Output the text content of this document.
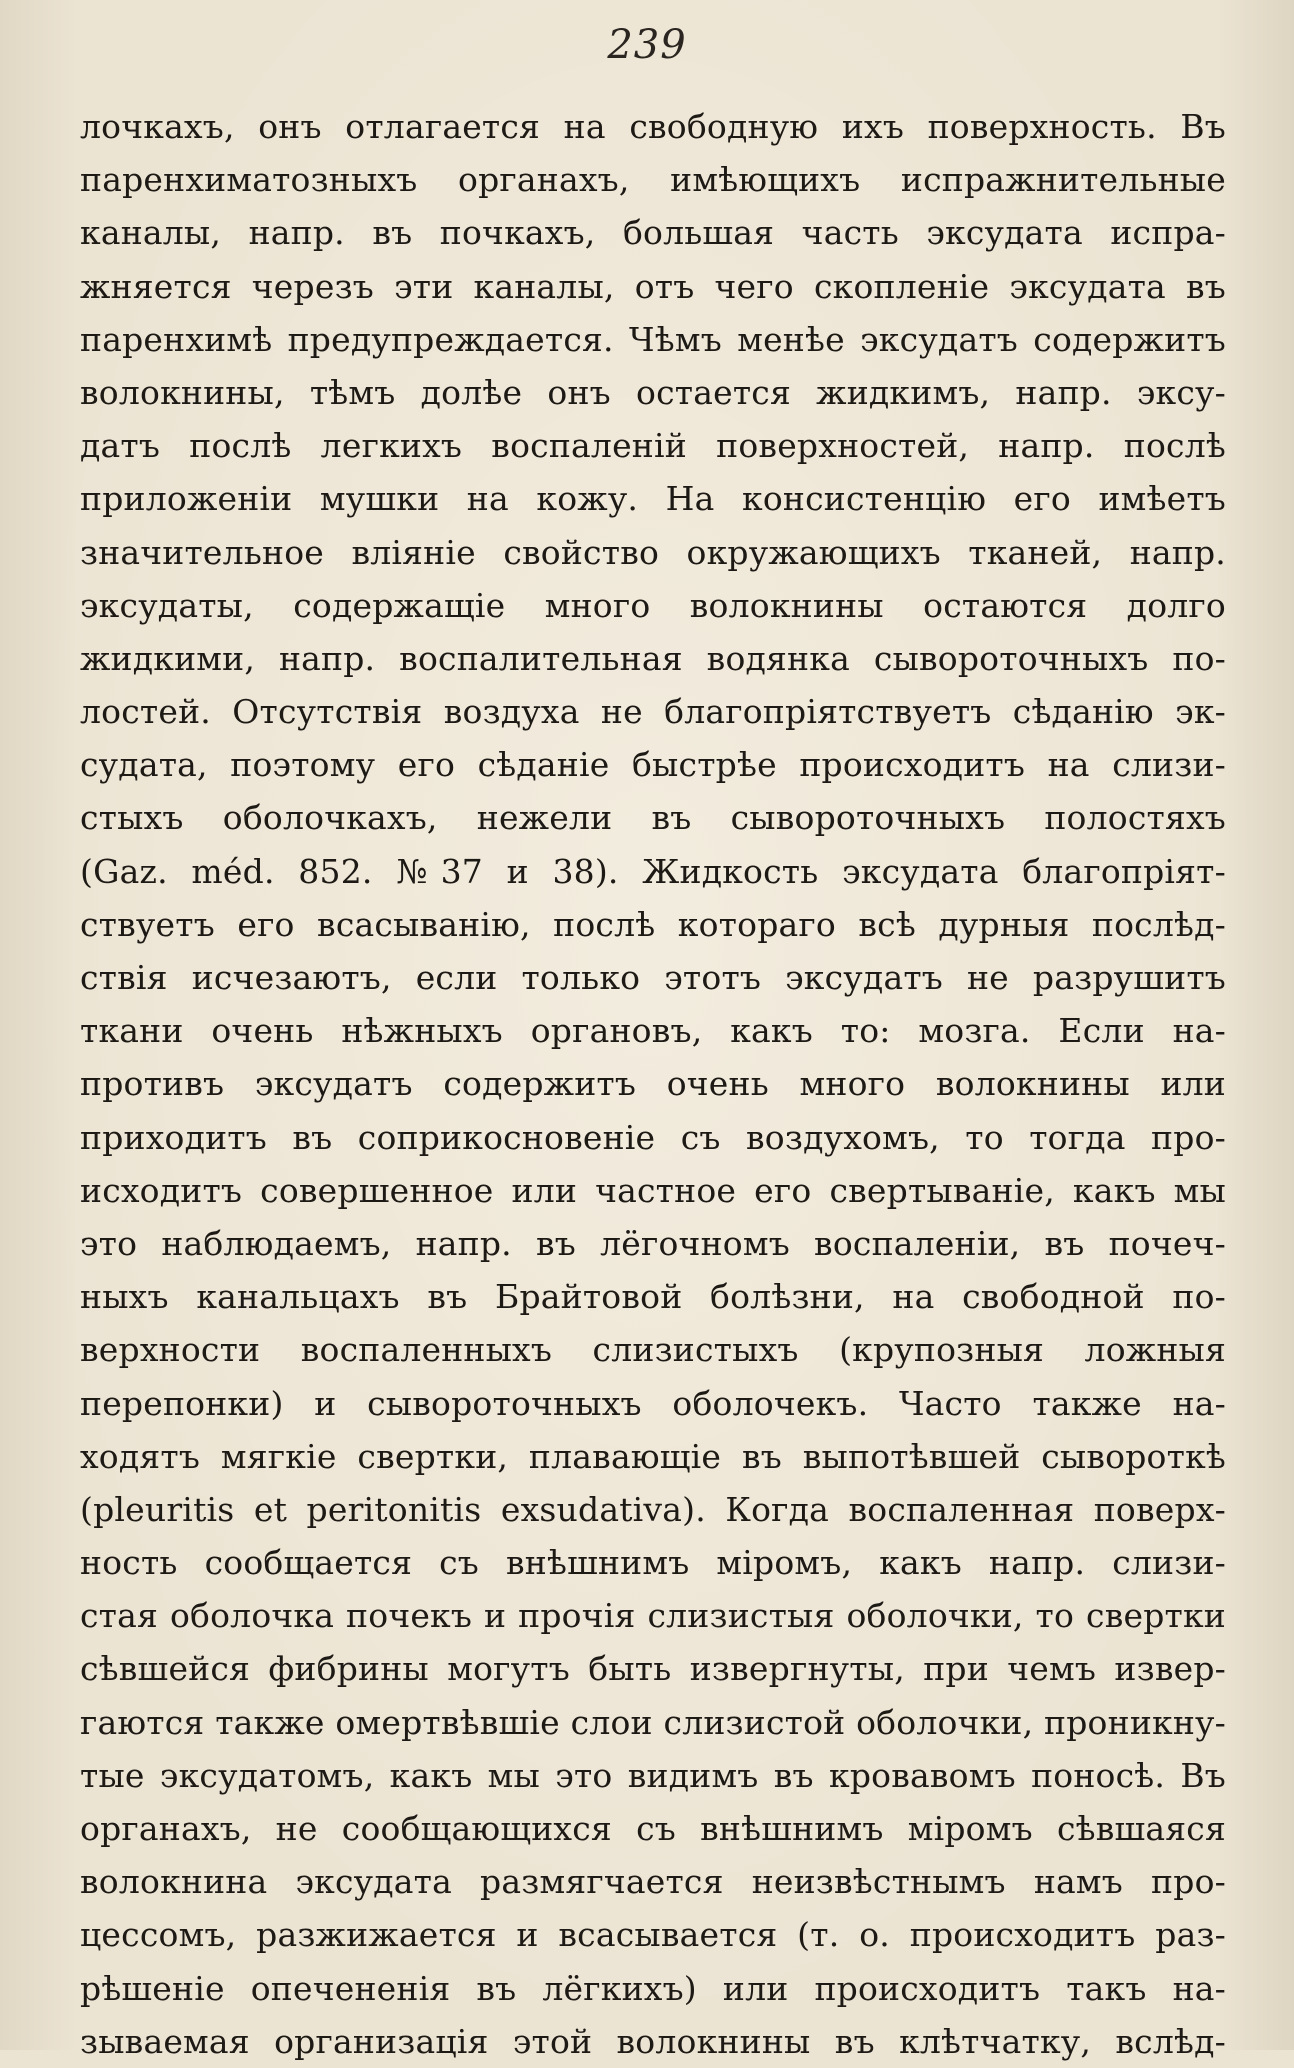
239
лочкахъ, онъ отлагается на свободную ихъ поверхность. Въ
паренхиматозныхъ органахъ, имѣющихъ испражнительные
каналы, напр. въ почкахъ, большая часть эксудата испра-
жняется черезъ эти каналы, отъ чего скопленіе эксудата въ
паренхимѣ предупреждается. Чѣмъ менѣе эксудатъ содержитъ
волокнины, тѣмъ долѣе онъ остается жидкимъ, напр. эксу-
датъ послѣ легкихъ воспаленій поверхностей, напр. послѣ
приложеніи мушки на кожу. На консистенцію его имѣетъ
значительное вліяніе свойство окружающихъ тканей, напр.
эксудаты, содержащіе много волокнины остаются долго
жидкими, напр. воспалительная водянка сывороточныхъ по-
лостей. Отсутствія воздуха не благопріятствуетъ сѣданію эк-
судата, поэтому его сѣданіе быстрѣе происходитъ на слизи-
стыхъ оболочкахъ, нежели въ сывороточныхъ полостяхъ
(Gaz. méd. 852. №37 и 38). Жидкость эксудата благопріят-
ствуетъ его всасыванію, послѣ котораго всѣ дурныя послѣд-
ствія исчезаютъ, если только этотъ эксудатъ не разрушитъ
ткани очень нѣжныхъ органовъ, какъ то: мозга. Если на-
противъ эксудатъ содержитъ очень много волокнины или
приходитъ въ соприкосновеніе съ воздухомъ, то тогда про-
исходитъ совершенное или частное его свертываніе, какъ мы
это наблюдаемъ, напр. въ лёгочномъ воспаленіи, въ почеч-
ныхъ канальцахъ въ Брайтовой болѣзни, на свободной по-
верхности воспаленныхъ слизистыхъ (крупозныя ложныя
перепонки) и сывороточныхъ оболочекъ. Часто также на-
ходятъ мягкіе свертки, плавающіе въ выпотѣвшей сывороткѣ
(pleuritis et peritonitis exsudativa). Когда воспаленная поверх-
ность сообщается съ внѣшнимъ міромъ, какъ напр. слизи-
стая оболочка почекъ и прочія слизистыя оболочки, то свертки
сѣвшейся фибрины могутъ быть извергнуты, при чемъ извер-
гаются также омертвѣвшіе слои слизистой оболочки, проникну-
тые эксудатомъ, какъ мы это видимъ въ кровавомъ поносѣ. Въ
органахъ, не сообщающихся съ внѣшнимъ міромъ сѣвшаяся
волокнина эксудата размягчается неизвѣстнымъ намъ про-
цессомъ, разжижается и всасывается (т. о. происходитъ раз-
рѣшеніе опечененія въ лёгкихъ) или происходитъ такъ на-
зываемая организація этой волокнины въ клѣтчатку, вслѣд-
